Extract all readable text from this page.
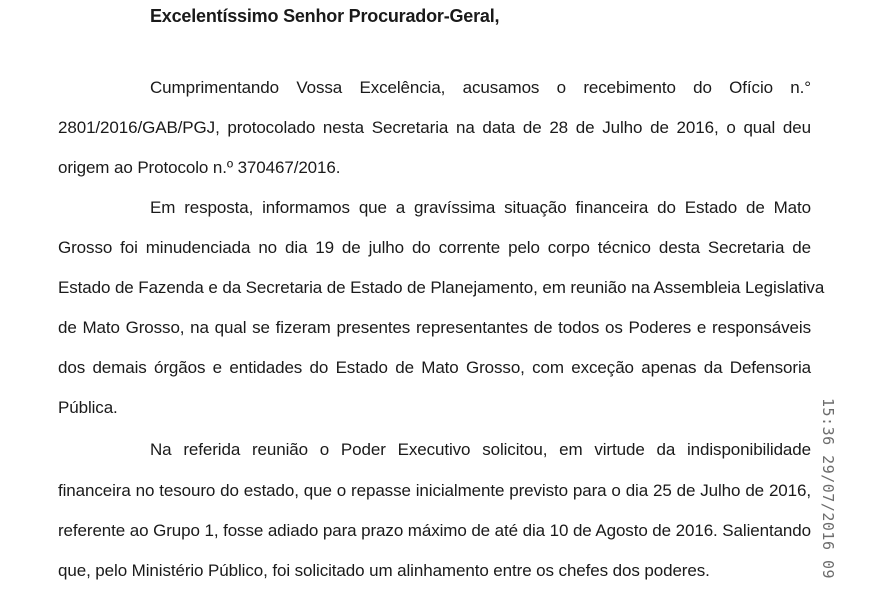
Excelentíssimo Senhor Procurador-Geral,
Cumprimentando Vossa Excelência, acusamos o recebimento do Ofício n.°
2801/2016/GAB/PGJ, protocolado nesta Secretaria na data de 28 de Julho de 2016, o qual deu
origem ao Protocolo n.º 370467/2016.
Em resposta, informamos que a gravíssima situação financeira do Estado de Mato
Grosso foi minudenciada no dia 19 de julho do corrente pelo corpo técnico desta Secretaria de
Estado de Fazenda e da Secretaria de Estado de Planejamento, em reunião na Assembleia Legislativa
de Mato Grosso, na qual se fizeram presentes representantes de todos os Poderes e responsáveis
dos demais órgãos e entidades do Estado de Mato Grosso, com exceção apenas da Defensoria
Pública.
Na referida reunião o Poder Executivo solicitou, em virtude da indisponibilidade
financeira no tesouro do estado, que o repasse inicialmente previsto para o dia 25 de Julho de 2016,
referente ao Grupo 1, fosse adiado para prazo máximo de até dia 10 de Agosto de 2016. Salientando
que, pelo Ministério Público, foi solicitado um alinhamento entre os chefes dos poderes.	15:36 29/07/2016 09
